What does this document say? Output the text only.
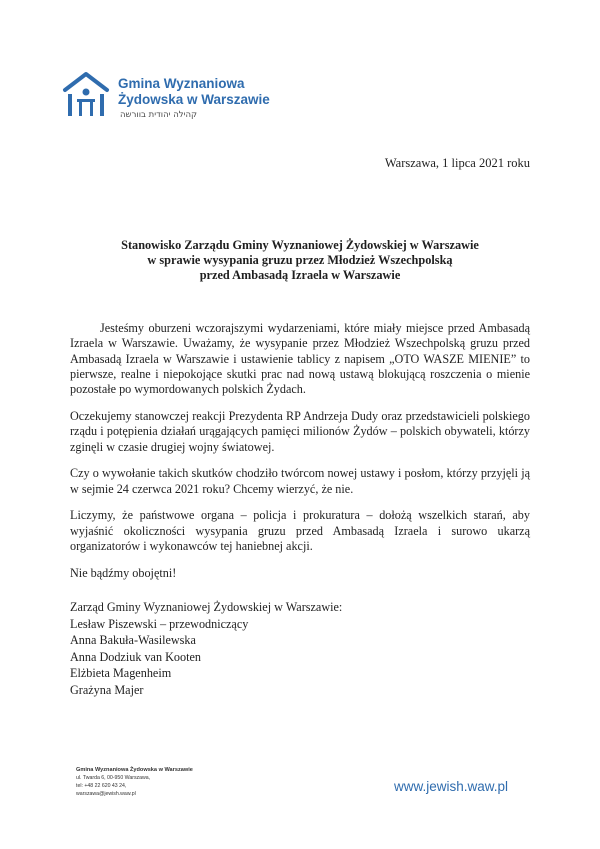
Gmina Wyznaniowa
Żydowska w Warszawie
קהילה יהודית בוורשה
Warszawa, 1 lipca 2021 roku
Stanowisko Zarządu Gminy Wyznaniowej Żydowskiej w Warszawie
w sprawie wysypania gruzu przez Młodzież Wszechpolską
przed Ambasadą Izraela w Warszawie

Jesteśmy oburzeni wczorajszymi wydarzeniami, które miały miejsce przed Ambasadą Izraela w Warszawie. Uważamy, że wysypanie przez Młodzież Wszechpolską gruzu przed Ambasadą Izraela w Warszawie i ustawienie tablicy z napisem „OTO WASZE MIENIE” to pierwsze, realne i niepokojące skutki prac nad nową ustawą blokującą roszczenia o mienie pozostałe po wymordowanych polskich Żydach.

Oczekujemy stanowczej reakcji Prezydenta RP Andrzeja Dudy oraz przedstawicieli polskiego rządu i potępienia działań urągających pamięci milionów Żydów – polskich obywateli, którzy zginęli w czasie drugiej wojny światowej.

Czy o wywołanie takich skutków chodziło twórcom nowej ustawy i posłom, którzy przyjęli ją w sejmie 24 czerwca 2021 roku? Chcemy wierzyć, że nie.

Liczymy, że państwowe organa – policja i prokuratura – dołożą wszelkich starań, aby wyjaśnić okoliczności wysypania gruzu przed Ambasadą Izraela i surowo ukarzą organizatorów i wykonawców tej haniebnej akcji.

Nie bądźmy obojętni!

Zarząd Gminy Wyznaniowej Żydowskiej w Warszawie:
Lesław Piszewski – przewodniczący
Anna Bakuła-Wasilewska
Anna Dodziuk van Kooten
Elżbieta Magenheim
Grażyna Majer
Gmina Wyznaniowa Żydowska w Warszawie
ul. Twarda 6, 00-950 Warszawa,
tel: +48 22 620 43 24,
warszawa@jewish.waw.pl	www.jewish.waw.pl
